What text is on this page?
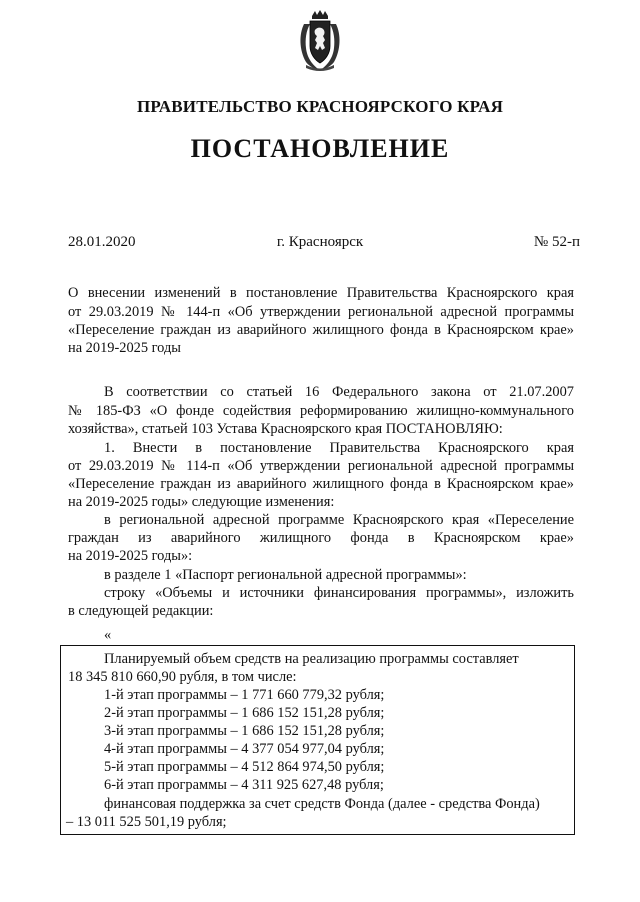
ПРАВИТЕЛЬСТВО КРАСНОЯРСКОГО КРАЯ
ПОСТАНОВЛЕНИЕ
28.01.2020	г. Красноярск	№ 52-п
О внесении изменений в постановление Правительства Красноярского края
от 29.03.2019 № 144-п «Об утверждении региональной адресной программы
«Переселение граждан из аварийного жилищного фонда в Красноярском крае»
на 2019-2025 годы
В соответствии со статьей 16 Федерального закона от 21.07.2007
№ 185-ФЗ «О фонде содействия реформированию жилищно-коммунального
хозяйства», статьей 103 Устава Красноярского края ПОСТАНОВЛЯЮ:
1. Внести в постановление Правительства Красноярского края
от 29.03.2019 № 114-п «Об утверждении региональной адресной программы
«Переселение граждан из аварийного жилищного фонда в Красноярском крае»
на 2019-2025 годы» следующие изменения:
в региональной адресной программе Красноярского края «Переселение
граждан из аварийного жилищного фонда в Красноярском крае»
на 2019-2025 годы»:
в разделе 1 «Паспорт региональной адресной программы»:
строку «Объемы и источники финансирования программы», изложить
в следующей редакции:
«
Планируемый объем средств на реализацию программы составляет
18 345 810 660,90 рубля, в том числе:
1-й этап программы – 1 771 660 779,32 рубля;
2-й этап программы – 1 686 152 151,28 рубля;
3-й этап программы – 1 686 152 151,28 рубля;
4-й этап программы – 4 377 054 977,04 рубля;
5-й этап программы – 4 512 864 974,50 рубля;
6-й этап программы – 4 311 925 627,48 рубля;
финансовая поддержка за счет средств Фонда (далее - средства Фонда)
– 13 011 525 501,19 рубля;
